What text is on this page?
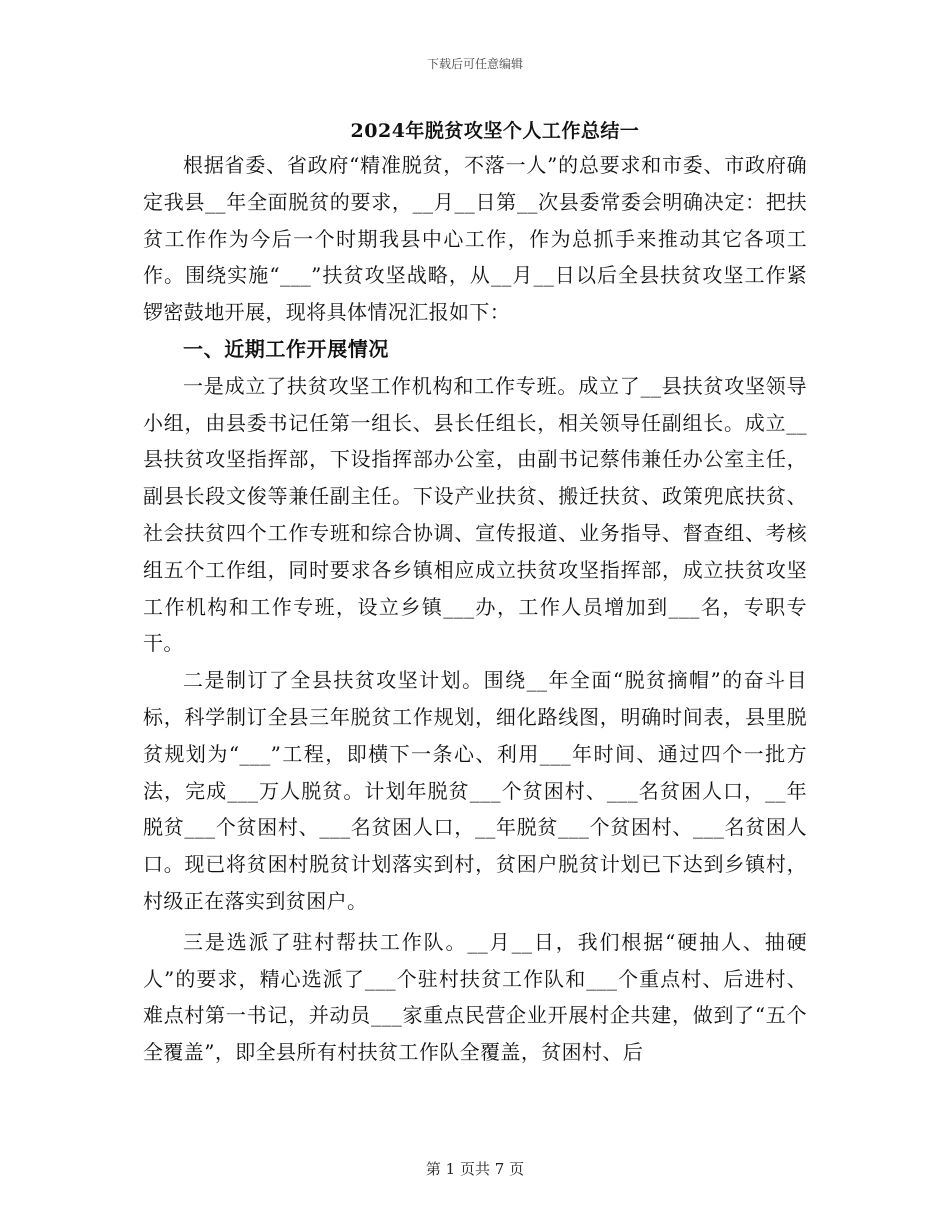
下载后可任意编辑
2024年脱贫攻坚个人工作总结一

根据省委、省政府“精准脱贫，不落一人”的总要求和市委、市政府确定我县__年全面脱贫的要求，__月__日第__次县委常委会明确决定：把扶贫工作作为今后一个时期我县中心工作，作为总抓手来推动其它各项工作。围绕实施“___”扶贫攻坚战略，从__月__日以后全县扶贫攻坚工作紧锣密鼓地开展，现将具体情况汇报如下：

一、近期工作开展情况

一是成立了扶贫攻坚工作机构和工作专班。成立了__县扶贫攻坚领导小组，由县委书记任第一组长、县长任组长，相关领导任副组长。成立__县扶贫攻坚指挥部，下设指挥部办公室，由副书记蔡伟兼任办公室主任，副县长段文俊等兼任副主任。下设产业扶贫、搬迁扶贫、政策兜底扶贫、社会扶贫四个工作专班和综合协调、宣传报道、业务指导、督查组、考核组五个工作组，同时要求各乡镇相应成立扶贫攻坚指挥部，成立扶贫攻坚工作机构和工作专班，设立乡镇___办，工作人员增加到___名，专职专干。

二是制订了全县扶贫攻坚计划。围绕__年全面“脱贫摘帽”的奋斗目标，科学制订全县三年脱贫工作规划，细化路线图，明确时间表，县里脱贫规划为“___”工程，即横下一条心、利用___年时间、通过四个一批方法，完成___万人脱贫。计划年脱贫___个贫困村、___名贫困人口，__年脱贫___个贫困村、___名贫困人口，__年脱贫___个贫困村、___名贫困人口。现已将贫困村脱贫计划落实到村，贫困户脱贫计划已下达到乡镇村，村级正在落实到贫困户。

三是选派了驻村帮扶工作队。__月__日，我们根据“硬抽人、抽硬人”的要求，精心选派了___个驻村扶贫工作队和___个重点村、后进村、难点村第一书记，并动员___家重点民营企业开展村企共建，做到了“五个全覆盖”，即全县所有村扶贫工作队全覆盖，贫困村、后

第 1 页共 7 页
